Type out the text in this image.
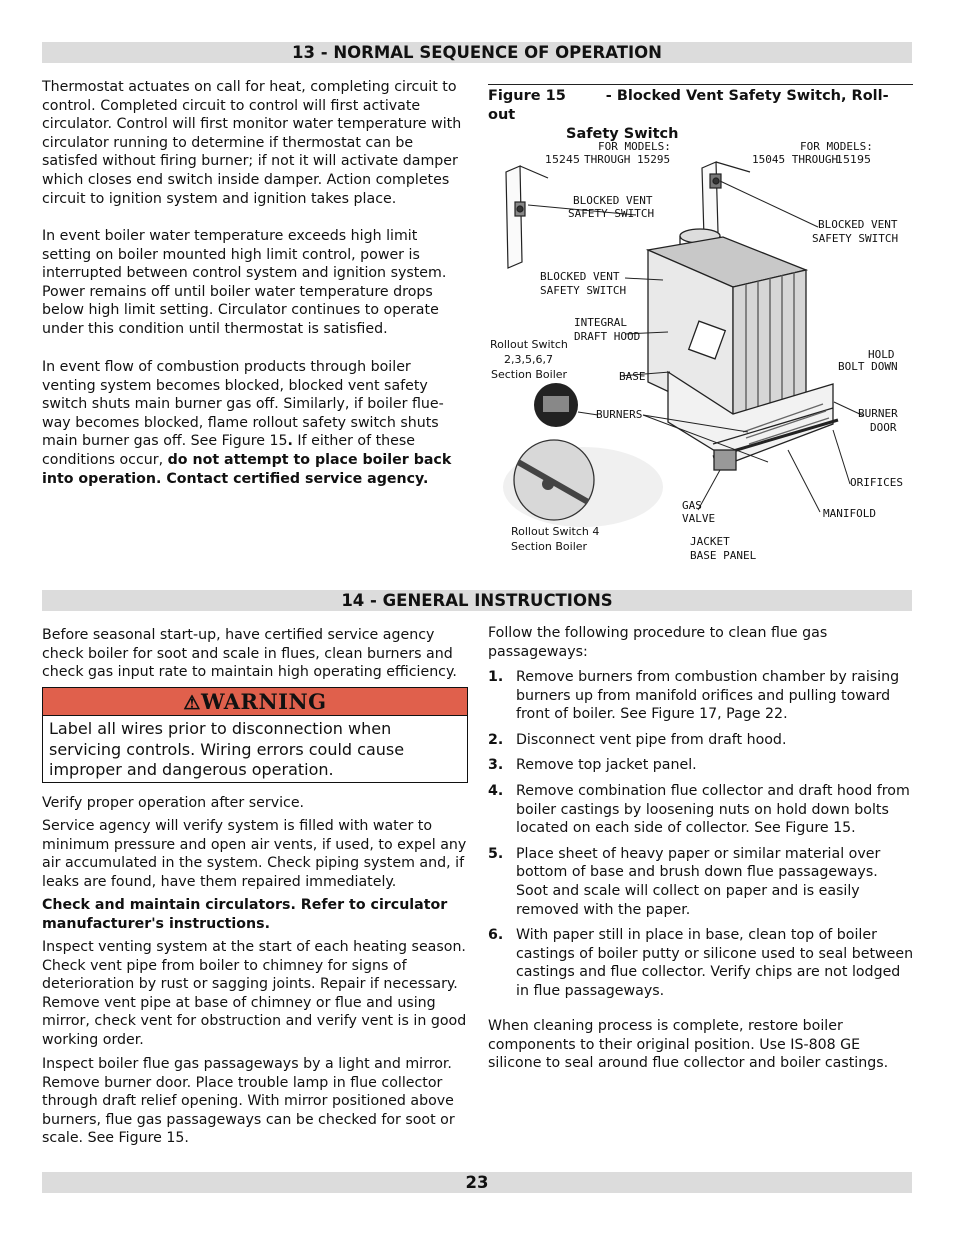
13 - NORMAL SEQUENCE OF OPERATION

Thermostat actuates on call for heat, completing circuit to control. Completed circuit to control will first activate circulator. Control will first monitor water temperature with circulator running to determine if thermostat can be satisfed without firing burner; if not it will activate damper which closes end switch inside damper. Action completes circuit to ignition system and ignition takes place.

In event boiler water temperature exceeds high limit setting on boiler mounted high limit control, power is interrupted between control system and ignition system. Power remains off until boiler water temperature drops below high limit setting. Circulator continues to operate under this condition until thermostat is satisfied.

In event flow of combustion products through boiler venting system becomes blocked, blocked vent safety switch shuts main burner gas off. Similarly, if boiler flue-way becomes blocked, flame rollout safety switch shuts main burner gas off. See Figure 15. If either of these conditions occur, do not attempt to place boiler back into operation. Contact certified service agency.

Figure 15	- Blocked Vent Safety Switch, Roll-out
Safety Switch
FOR MODELS:
15245 THROUGH 15295
FOR MODELS:
15045 THROUGH
15195
BLOCKED VENT
SAFETY SWITCH
BLOCKED VENT
SAFETY SWITCH
BLOCKED VENT
SAFETY SWITCH
INTEGRAL
DRAFT HOOD
Rollout Switch
2,3,5,6,7
Section Boiler	BASE
HOLD
BOLT DOWN
BURNERS	BURNER
DOOR
ORIFICES
GAS
VALVE	MANIFOLD
Rollout Switch 4
Section Boiler	JACKET
BASE PANEL
14 - GENERAL INSTRUCTIONS

Before seasonal start-up, have certified service agency check boiler for soot and scale in flues, clean burners and check gas input rate to maintain high operating efficiency.

⚠WARNING
Label all wires prior to disconnection when servicing controls. Wiring errors could cause improper and dangerous operation.

Verify proper operation after service.

Service agency will verify system is filled with water to minimum pressure and open air vents, if used, to expel any air accumulated in the system. Check piping system and, if leaks are found, have them repaired immediately.

Check and maintain circulators. Refer to circulator manufacturer's instructions.

Inspect venting system at the start of each heating season. Check vent pipe from boiler to chimney for signs of deterioration by rust or sagging joints. Repair if necessary. Remove vent pipe at base of chimney or flue and using mirror, check vent for obstruction and verify vent is in good working order.

Inspect boiler flue gas passageways by a light and mirror. Remove burner door. Place trouble lamp in flue collector through draft relief opening. With mirror positioned above burners, flue gas passageways can be checked for soot or scale. See Figure 15.

Follow the following procedure to clean flue gas passageways:

1. Remove burners from combustion chamber by raising burners up from manifold orifices and pulling toward front of boiler. See Figure 17, Page 22.
2. Disconnect vent pipe from draft hood.
3. Remove top jacket panel.
4. Remove combination flue collector and draft hood from boiler castings by loosening nuts on hold down bolts located on each side of collector. See Figure 15.
5. Place sheet of heavy paper or similar material over bottom of base and brush down flue passageways. Soot and scale will collect on paper and is easily removed with the paper.
6. With paper still in place in base, clean top of boiler castings of boiler putty or silicone used to seal between castings and flue collector. Verify chips are not lodged in flue passageways.

When cleaning process is complete, restore boiler components to their original position. Use IS-808 GE silicone to seal around flue collector and boiler castings.

23
